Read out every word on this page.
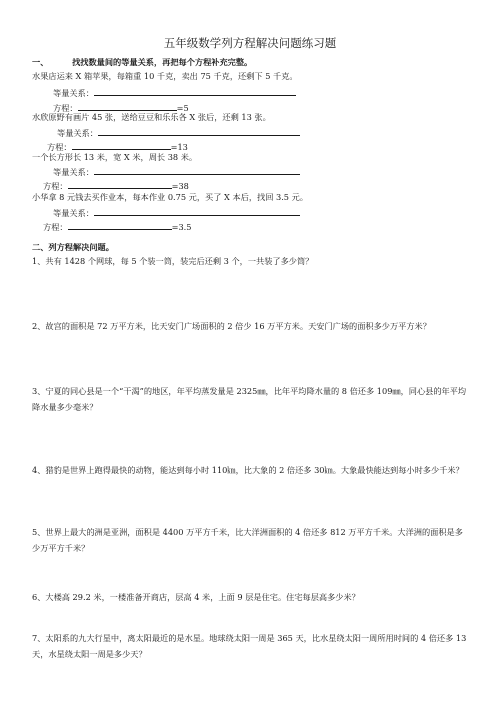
五年级数学列方程解决问题练习题
一、	找找数量间的等量关系，再把每个方程补充完整。
水果店运来 X 箱苹果，每箱重 10 千克，卖出 75 千克，还剩下 5 千克。
等量关系：
方程：	=5
水欣原野有画片 45 张，送给豆豆和乐乐各 X 张后，还剩 13 张。
等量关系：
方程：	=13
一个长方形长 13 米，宽 X 米，周长 38 米。
等量关系：
方程：	=38
小华拿 8 元钱去买作业本，每本作业 0.75 元，买了 X 本后，找回 3.5 元。
等量关系：
方程：	=3.5
二、列方程解决问题。
1、共有 1428 个网球，每 5 个装一筒，装完后还剩 3 个，一共装了多少筒？
2、故宫的面积是 72 万平方米，比天安门广场面积的 2 倍少 16 万平方米。天安门广场的面积多少万平方米？
3、宁夏的同心县是一个“干渴”的地区，年平均蒸发量是 2325㎜，比年平均降水量的 8 倍还多 109㎜，同心县的年平均降水量多少毫米？
4、猎豹是世界上跑得最快的动物，能达到每小时 110㎞，比大象的 2 倍还多 30㎞。大象最快能达到每小时多少千米？
5、世界上最大的洲是亚洲，面积是 4400 万平方千米，比大洋洲面积的 4 倍还多 812 万平方千米。大洋洲的面积是多少万平方千米？
6、大楼高 29.2 米，一楼准备开商店，层高 4 米，上面 9 层是住宅。住宅每层高多少米？
7、太阳系的九大行星中，离太阳最近的是水星。地球绕太阳一周是 365 天，比水星绕太阳一周所用时间的 4 倍还多 13 天，水星绕太阳一周是多少天？
